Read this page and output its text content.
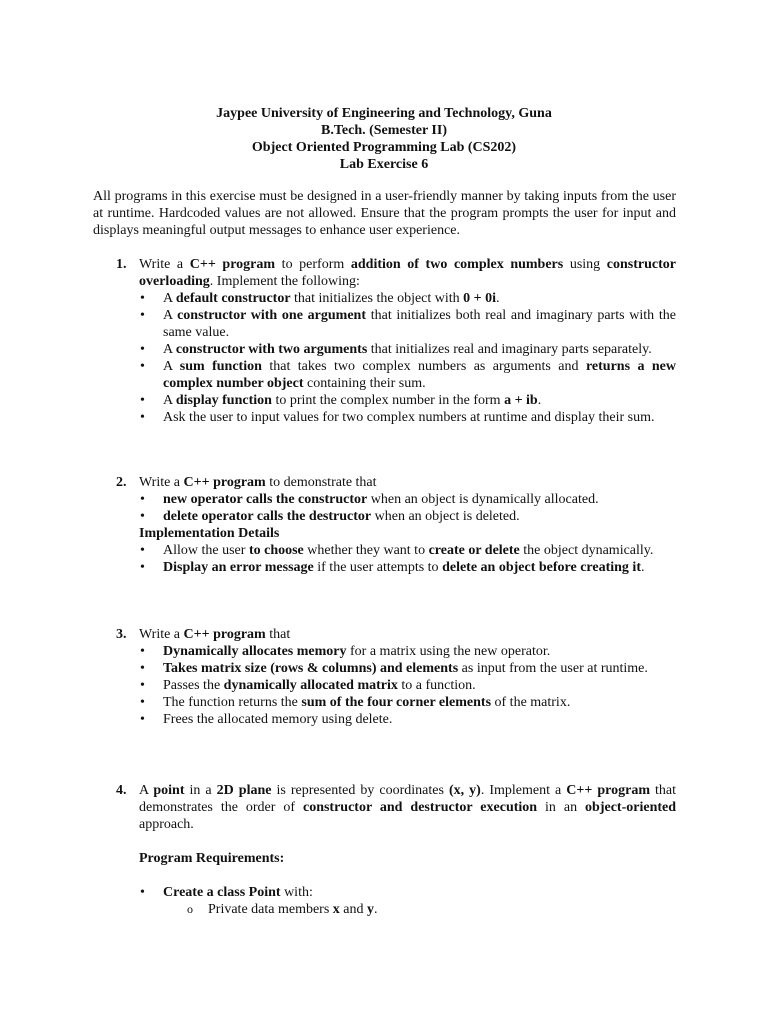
Jaypee University of Engineering and Technology, Guna
B.Tech. (Semester II)
Object Oriented Programming Lab (CS202)
Lab Exercise 6
All programs in this exercise must be designed in a user-friendly manner by taking inputs from the user at runtime. Hardcoded values are not allowed. Ensure that the program prompts the user for input and displays meaningful output messages to enhance user experience.
1. Write a C++ program to perform addition of two complex numbers using constructor overloading. Implement the following:
• A default constructor that initializes the object with 0 + 0i.
• A constructor with one argument that initializes both real and imaginary parts with the same value.
• A constructor with two arguments that initializes real and imaginary parts separately.
• A sum function that takes two complex numbers as arguments and returns a new complex number object containing their sum.
• A display function to print the complex number in the form a + ib.
• Ask the user to input values for two complex numbers at runtime and display their sum.
2. Write a C++ program to demonstrate that
• new operator calls the constructor when an object is dynamically allocated.
• delete operator calls the destructor when an object is deleted.
Implementation Details
• Allow the user to choose whether they want to create or delete the object dynamically.
• Display an error message if the user attempts to delete an object before creating it.
3. Write a C++ program that
• Dynamically allocates memory for a matrix using the new operator.
• Takes matrix size (rows & columns) and elements as input from the user at runtime.
• Passes the dynamically allocated matrix to a function.
• The function returns the sum of the four corner elements of the matrix.
• Frees the allocated memory using delete.
4. A point in a 2D plane is represented by coordinates (x, y). Implement a C++ program that demonstrates the order of constructor and destructor execution in an object-oriented approach.
Program Requirements:
• Create a class Point with:
o Private data members x and y.
